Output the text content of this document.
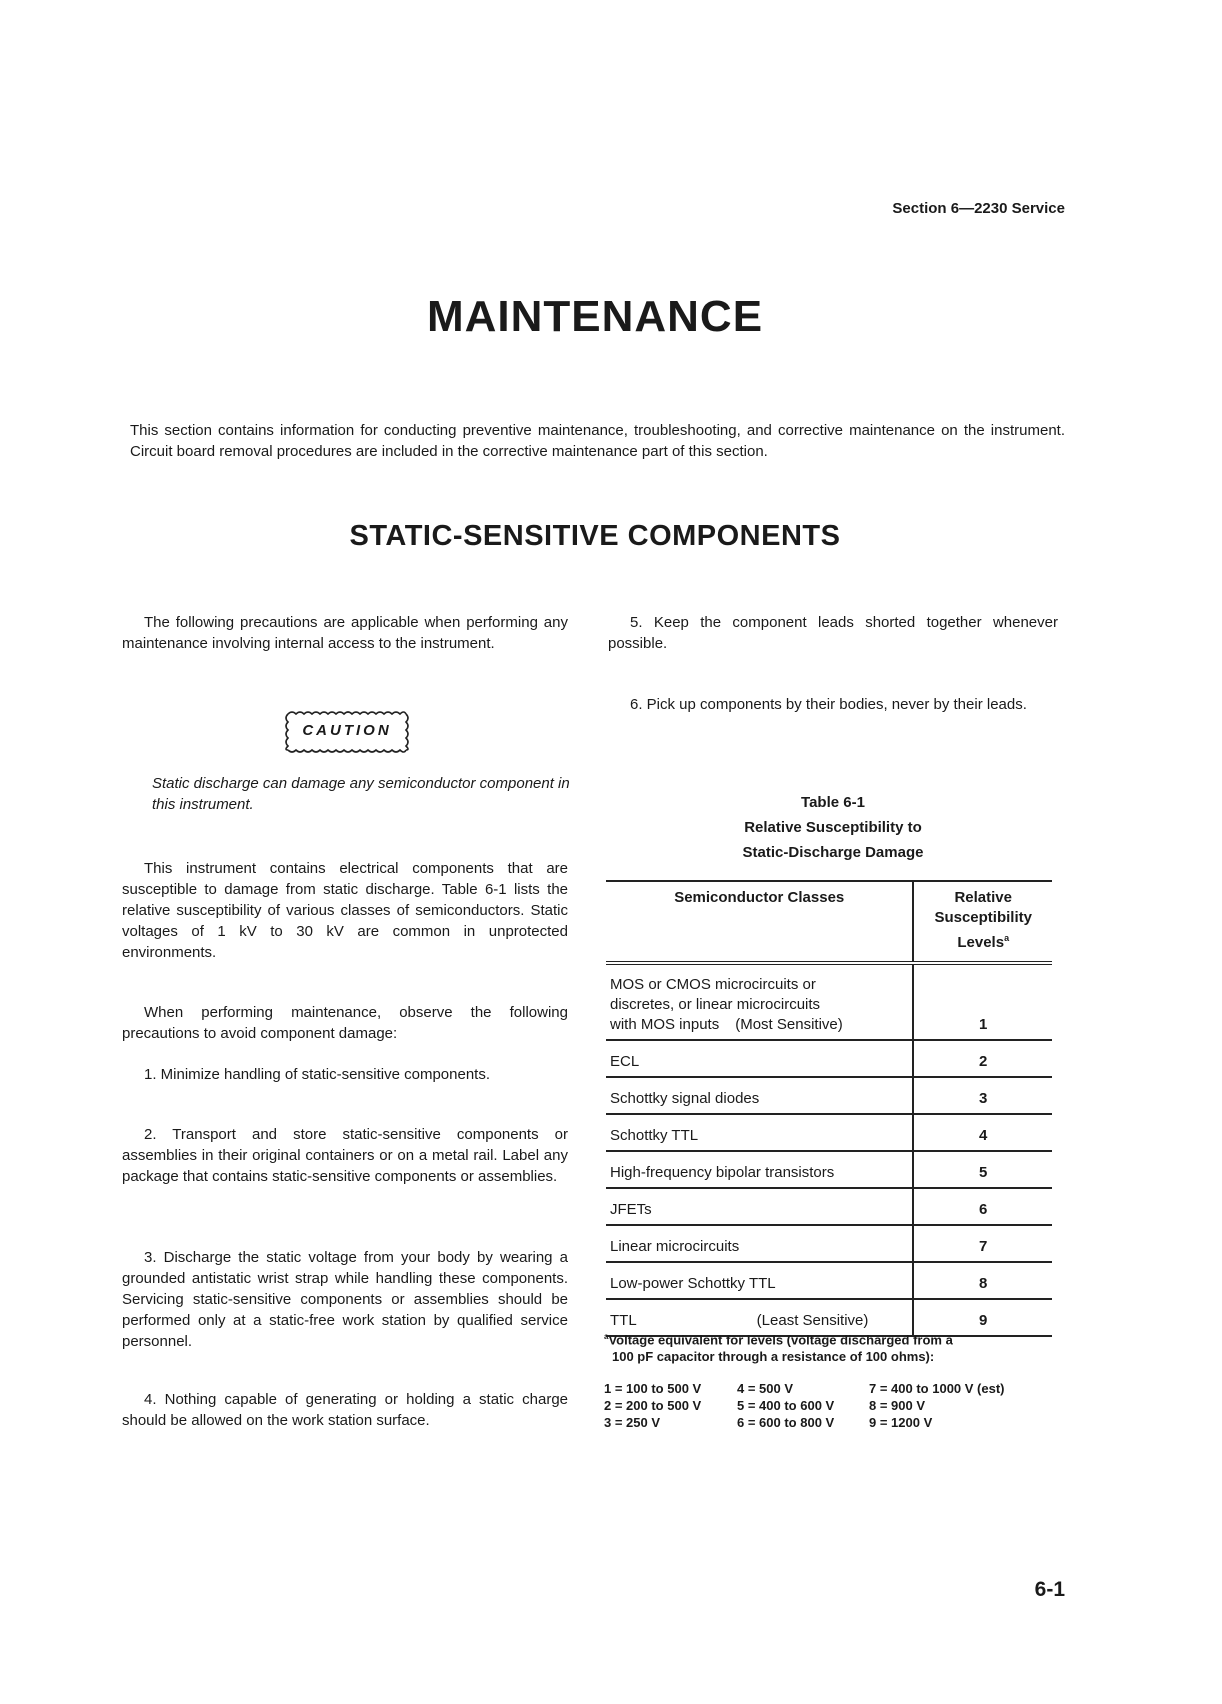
Section 6—2230 Service
MAINTENANCE
This section contains information for conducting preventive maintenance, troubleshooting, and corrective maintenance on the instrument. Circuit board removal procedures are included in the corrective maintenance part of this section.
STATIC-SENSITIVE COMPONENTS

The following precautions are applicable when performing any maintenance involving internal access to the instrument.

CAUTION
Static discharge can damage any semiconductor component in this instrument.
This instrument contains electrical components that are susceptible to damage from static discharge. Table 6-1 lists the relative susceptibility of various classes of semiconductors. Static voltages of 1 kV to 30 kV are common in unprotected environments.
When performing maintenance, observe the following precautions to avoid component damage:
1. Minimize handling of static-sensitive components.
2. Transport and store static-sensitive components or assemblies in their original containers or on a metal rail. Label any package that contains static-sensitive components or assemblies.
3. Discharge the static voltage from your body by wearing a grounded antistatic wrist strap while handling these components. Servicing static-sensitive components or assemblies should be performed only at a static-free work station by qualified service personnel.
4. Nothing capable of generating or holding a static charge should be allowed on the work station surface.

5. Keep the component leads shorted together whenever possible.

6. Pick up components by their bodies, never by their leads.
Table 6-1
Relative Susceptibility to
Static-Discharge Damage
Semiconductor Classes	Relative
Susceptibility
Levels$^a$

MOS or CMOS microcircuits or
discretes, or linear microcircuits
with MOS inputs (Most Sensitive)	1
ECL	2
Schottky signal diodes	3
Schottky TTL	4
High-frequency bipolar transistors	5
JFETs	6
Linear microcircuits	7
Low-power Schottky TTL	8
TTL (Least Sensitive)	9
$^a$Voltage equivalent for levels (voltage discharged from a
100 pF capacitor through a resistance of 100 ohms):
1 = 100 to 500 V	4 = 500 V	7 = 400 to 1000 V (est)
2 = 200 to 500 V	5 = 400 to 600 V	8 = 900 V
3 = 250 V	6 = 600 to 800 V	9 = 1200 V
6-1
